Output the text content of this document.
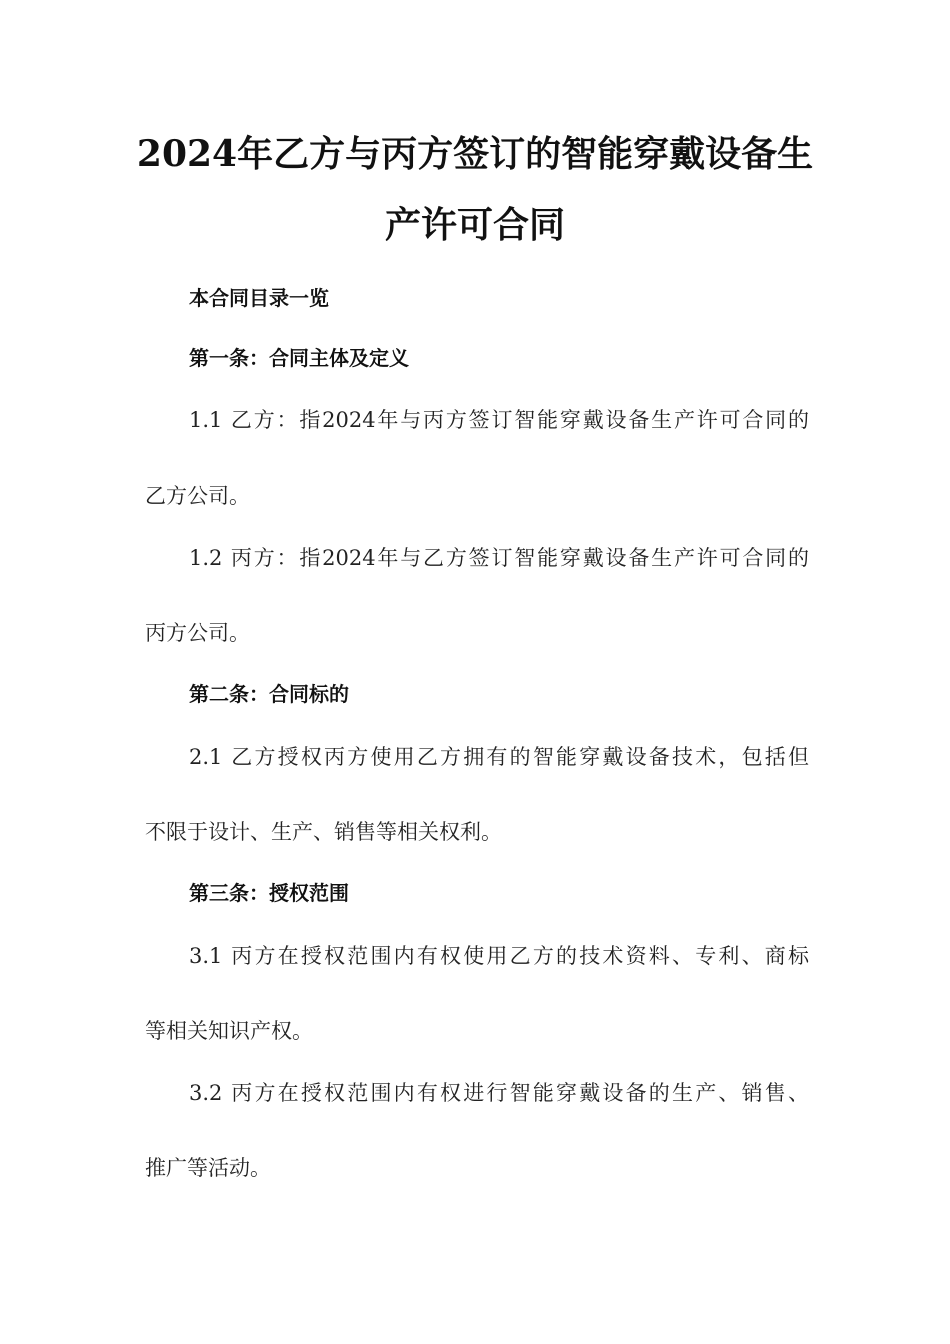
2024年乙方与丙方签订的智能穿戴设备生
产许可合同
本合同目录一览
第一条：合同主体及定义
1.1 乙方：指2024年与丙方签订智能穿戴设备生产许可合同的
乙方公司。
1.2 丙方：指2024年与乙方签订智能穿戴设备生产许可合同的
丙方公司。
第二条：合同标的
2.1 乙方授权丙方使用乙方拥有的智能穿戴设备技术，包括但
不限于设计、生产、销售等相关权利。
第三条：授权范围
3.1 丙方在授权范围内有权使用乙方的技术资料、专利、商标
等相关知识产权。
3.2 丙方在授权范围内有权进行智能穿戴设备的生产、销售、
推广等活动。
